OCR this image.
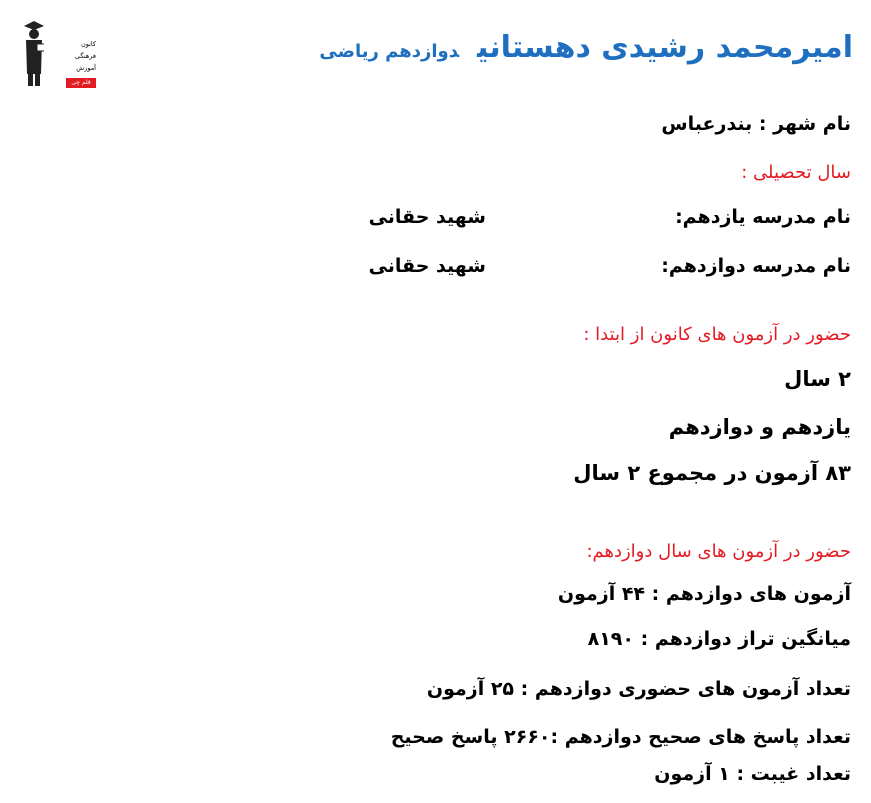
کانون
فرهنگی
آموزش
قلم چی
امیرمحمد رشیدی دهستانیدوازدهم ریاضی
نام شهر : بندرعباس
سال تحصیلی :
نام مدرسه یازدهم:
شهید حقانی
نام مدرسه دوازدهم:
شهید حقانی
حضور در آزمون های کانون از ابتدا :
۲ سال
یازدهم و دوازدهم
۸۳ آزمون در مجموع ۲ سال
حضور در آزمون های سال دوازدهم:
آزمون های دوازدهم : ۴۴ آزمون
میانگین تراز دوازدهم : ۸۱۹۰
تعداد آزمون های حضوری دوازدهم : ۲۵ آزمون
تعداد پاسخ های صحیح دوازدهم :۲۶۶۰ پاسخ صحیح
تعداد غیبت : ۱ آزمون
